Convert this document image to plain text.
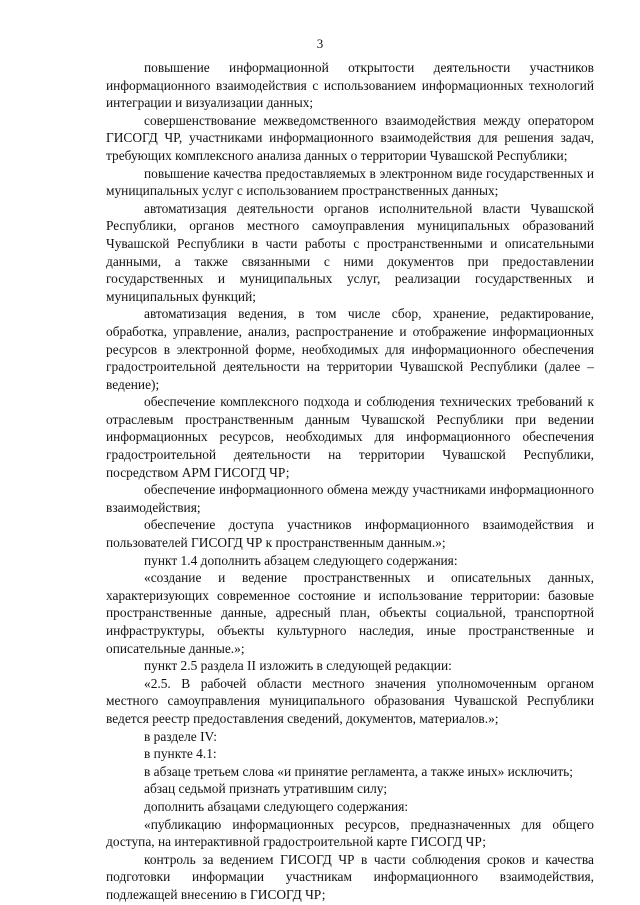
3

повышение информационной открытости деятельности участников информационного взаимодействия с использованием информационных технологий интеграции и визуализации данных;

совершенствование межведомственного взаимодействия между оператором ГИСОГД ЧР, участниками информационного взаимодействия для решения задач, требующих комплексного анализа данных о территории Чувашской Республики;

повышение качества предоставляемых в электронном виде государственных и муниципальных услуг с использованием пространственных данных;

автоматизация деятельности органов исполнительной власти Чувашской Республики, органов местного самоуправления муниципальных образований Чувашской Республики в части работы с пространственными и описательными данными, а также связанными с ними документов при предоставлении государственных и муниципальных услуг, реализации государственных и муниципальных функций;

автоматизация ведения, в том числе сбор, хранение, редактирование, обработка, управление, анализ, распространение и отображение информационных ресурсов в электронной форме, необходимых для информационного обеспечения градостроительной деятельности на территории Чувашской Республики (далее – ведение);

обеспечение комплексного подхода и соблюдения технических требований к отраслевым пространственным данным Чувашской Республики при ведении информационных ресурсов, необходимых для информационного обеспечения градостроительной деятельности на территории Чувашской Республики, посредством АРМ ГИСОГД ЧР;

обеспечение информационного обмена между участниками информационного взаимодействия;

обеспечение доступа участников информационного взаимодействия и пользователей ГИСОГД ЧР к пространственным данным.»;

пункт 1.4 дополнить абзацем следующего содержания:

«создание и ведение пространственных и описательных данных, характеризующих современное состояние и использование территории: базовые пространственные данные, адресный план, объекты социальной, транспортной инфраструктуры, объекты культурного наследия, иные пространственные и описательные данные.»;

пункт 2.5 раздела II изложить в следующей редакции:

«2.5. В рабочей области местного значения уполномоченным органом местного самоуправления муниципального образования Чувашской Республики ведется реестр предоставления сведений, документов, материалов.»;

в разделе IV:

в пункте 4.1:

в абзаце третьем слова «и принятие регламента, а также иных» исключить;

абзац седьмой признать утратившим силу;

дополнить абзацами следующего содержания:

«публикацию информационных ресурсов, предназначенных для общего доступа, на интерактивной градостроительной карте ГИСОГД ЧР;

контроль за ведением ГИСОГД ЧР в части соблюдения сроков и качества подготовки информации участникам информационного взаимодействия, подлежащей внесению в ГИСОГД ЧР;
